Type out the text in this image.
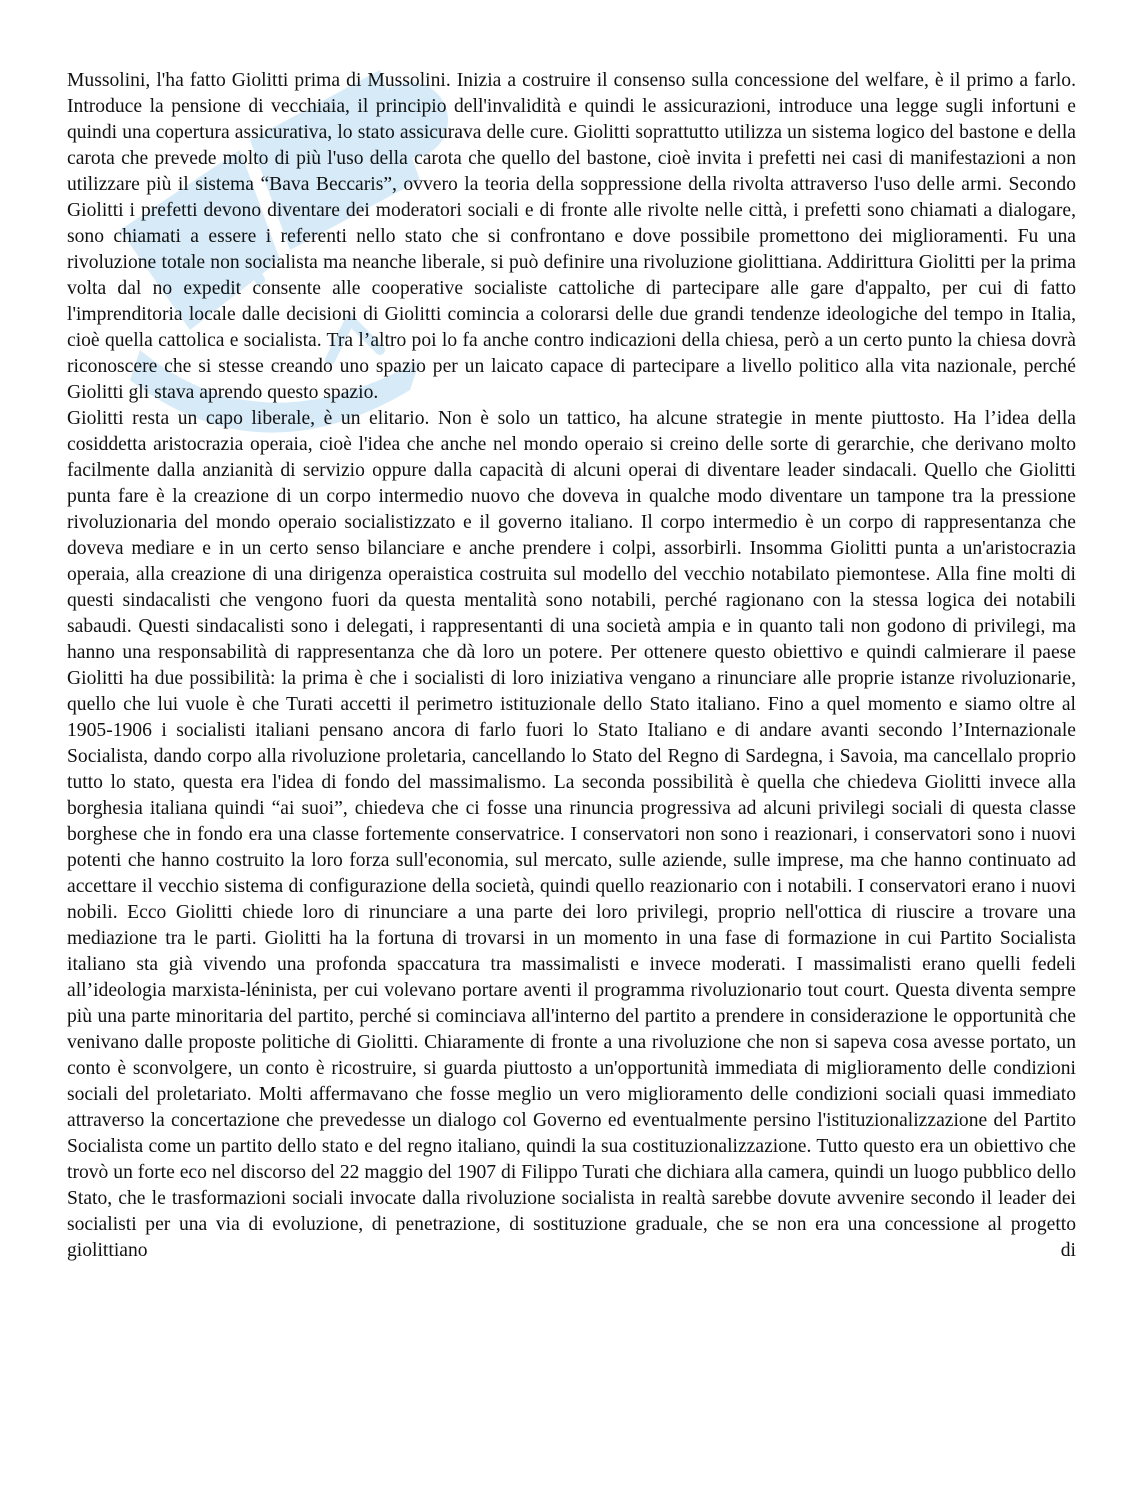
Mussolini, l'ha fatto Giolitti prima di Mussolini. Inizia a costruire il consenso sulla concessione del welfare, è il primo a farlo. Introduce la pensione di vecchiaia, il principio dell'invalidità e quindi le assicurazioni, introduce una legge sugli infortuni e quindi una copertura assicurativa, lo stato assicurava delle cure. Giolitti soprattutto utilizza un sistema logico del bastone e della carota che prevede molto di più l'uso della carota che quello del bastone, cioè invita i prefetti nei casi di manifestazioni a non utilizzare più il sistema “Bava Beccaris”, ovvero la teoria della soppressione della rivolta attraverso l'uso delle armi. Secondo Giolitti i prefetti devono diventare dei moderatori sociali e di fronte alle rivolte nelle città, i prefetti sono chiamati a dialogare, sono chiamati a essere i referenti nello stato che si confrontano e dove possibile promettono dei miglioramenti. Fu una rivoluzione totale non socialista ma neanche liberale, si può definire una rivoluzione giolittiana. Addirittura Giolitti per la prima volta dal no expedit consente alle cooperative socialiste cattoliche di partecipare alle gare d'appalto, per cui di fatto l'imprenditoria locale dalle decisioni di Giolitti comincia a colorarsi delle due grandi tendenze ideologiche del tempo in Italia, cioè quella cattolica e socialista. Tra l’altro poi lo fa anche contro indicazioni della chiesa, però a un certo punto la chiesa dovrà riconoscere che si stesse creando uno spazio per un laicato capace di partecipare a livello politico alla vita nazionale, perché Giolitti gli stava aprendo questo spazio.

Giolitti resta un capo liberale, è un elitario. Non è solo un tattico, ha alcune strategie in mente piuttosto. Ha l’idea della cosiddetta aristocrazia operaia, cioè l'idea che anche nel mondo operaio si creino delle sorte di gerarchie, che derivano molto facilmente dalla anzianità di servizio oppure dalla capacità di alcuni operai di diventare leader sindacali. Quello che Giolitti punta fare è la creazione di un corpo intermedio nuovo che doveva in qualche modo diventare un tampone tra la pressione rivoluzionaria del mondo operaio socialistizzato e il governo italiano. Il corpo intermedio è un corpo di rappresentanza che doveva mediare e in un certo senso bilanciare e anche prendere i colpi, assorbirli. Insomma Giolitti punta a un'aristocrazia operaia, alla creazione di una dirigenza operaistica costruita sul modello del vecchio notabilato piemontese. Alla fine molti di questi sindacalisti che vengono fuori da questa mentalità sono notabili, perché ragionano con la stessa logica dei notabili sabaudi. Questi sindacalisti sono i delegati, i rappresentanti di una società ampia e in quanto tali non godono di privilegi, ma hanno una responsabilità di rappresentanza che dà loro un potere. Per ottenere questo obiettivo e quindi calmierare il paese Giolitti ha due possibilità: la prima è che i socialisti di loro iniziativa vengano a rinunciare alle proprie istanze rivoluzionarie, quello che lui vuole è che Turati accetti il perimetro istituzionale dello Stato italiano. Fino a quel momento e siamo oltre al 1905-1906 i socialisti italiani pensano ancora di farlo fuori lo Stato Italiano e di andare avanti secondo l’Internazionale Socialista, dando corpo alla rivoluzione proletaria, cancellando lo Stato del Regno di Sardegna, i Savoia, ma cancellalo proprio tutto lo stato, questa era l'idea di fondo del massimalismo. La seconda possibilità è quella che chiedeva Giolitti invece alla borghesia italiana quindi “ai suoi”, chiedeva che ci fosse una rinuncia progressiva ad alcuni privilegi sociali di questa classe borghese che in fondo era una classe fortemente conservatrice. I conservatori non sono i reazionari, i conservatori sono i nuovi potenti che hanno costruito la loro forza sull'economia, sul mercato, sulle aziende, sulle imprese, ma che hanno continuato ad accettare il vecchio sistema di configurazione della società, quindi quello reazionario con i notabili. I conservatori erano i nuovi nobili. Ecco Giolitti chiede loro di rinunciare a una parte dei loro privilegi, proprio nell'ottica di riuscire a trovare una mediazione tra le parti. Giolitti ha la fortuna di trovarsi in un momento in una fase di formazione in cui Partito Socialista italiano sta già vivendo una profonda spaccatura tra massimalisti e invece moderati. I massimalisti erano quelli fedeli all’ideologia marxista-léninista, per cui volevano portare aventi il programma rivoluzionario tout court. Questa diventa sempre più una parte minoritaria del partito, perché si cominciava all'interno del partito a prendere in considerazione le opportunità che venivano dalle proposte politiche di Giolitti. Chiaramente di fronte a una rivoluzione che non si sapeva cosa avesse portato, un conto è sconvolgere, un conto è ricostruire, si guarda piuttosto a un'opportunità immediata di miglioramento delle condizioni sociali del proletariato. Molti affermavano che fosse meglio un vero miglioramento delle condizioni sociali quasi immediato attraverso la concertazione che prevedesse un dialogo col Governo ed eventualmente persino l'istituzionalizzazione del Partito Socialista come un partito dello stato e del regno italiano, quindi la sua costituzionalizzazione. Tutto questo era un obiettivo che trovò un forte eco nel discorso del 22 maggio del 1907 di Filippo Turati che dichiara alla camera, quindi un luogo pubblico dello Stato, che le trasformazioni sociali invocate dalla rivoluzione socialista in realtà sarebbe dovute avvenire secondo il leader dei socialisti per una via di evoluzione, di penetrazione, di sostituzione graduale, che se non era una concessione al progetto giolittiano di
